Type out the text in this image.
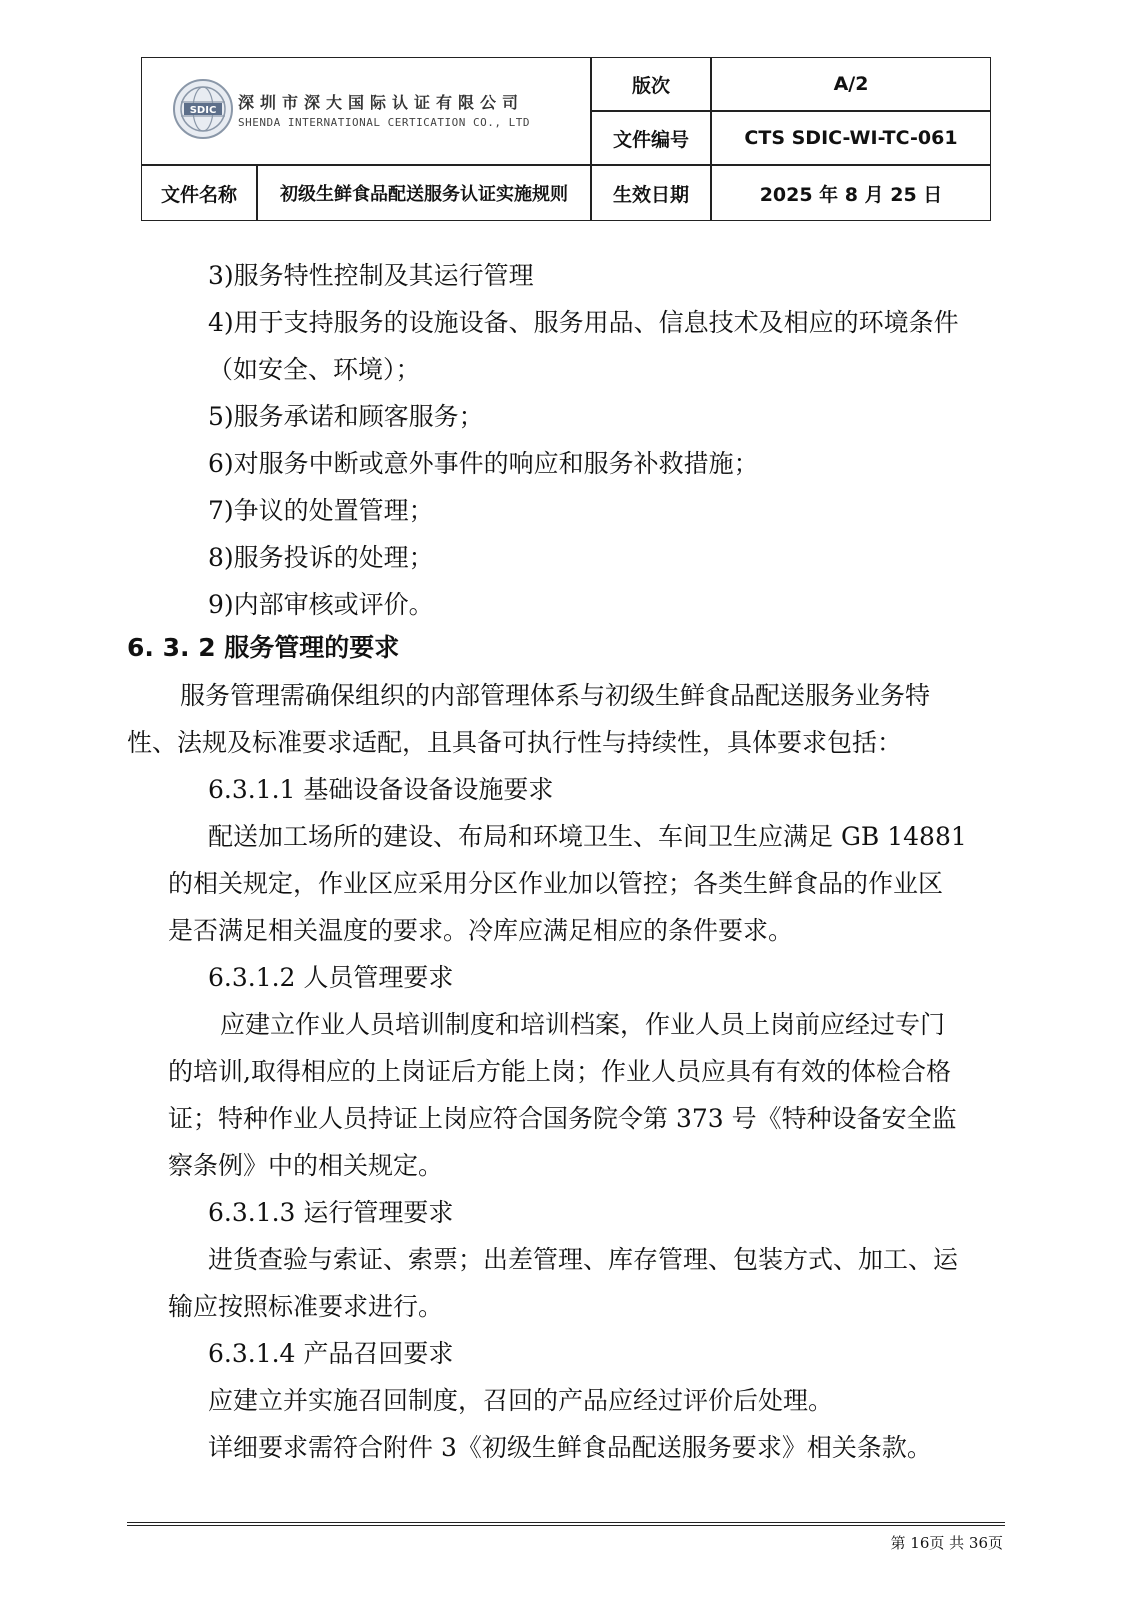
SDIC 深圳市深大国际认证有限公司
SHENDA INTERNATIONAL CERTICATION CO., LTD
版次	A/2
文件编号	CTS SDIC-WI-TC-061
文件名称	初级生鲜食品配送服务认证实施规则	生效日期	2025 年 8 月 25 日
3)服务特性控制及其运行管理
4)用于支持服务的设施设备、服务用品、信息技术及相应的环境条件
（如安全、环境）；
5)服务承诺和顾客服务；
6)对服务中断或意外事件的响应和服务补救措施；
7)争议的处置管理；
8)服务投诉的处理；
9)内部审核或评价。
6. 3. 2 服务管理的要求
服务管理需确保组织的内部管理体系与初级生鲜食品配送服务业务特
性、法规及标准要求适配，且具备可执行性与持续性，具体要求包括：
6.3.1.1 基础设备设备设施要求
配送加工场所的建设、布局和环境卫生、车间卫生应满足 GB 14881
的相关规定，作业区应采用分区作业加以管控；各类生鲜食品的作业区
是否满足相关温度的要求。冷库应满足相应的条件要求。
6.3.1.2 人员管理要求
应建立作业人员培训制度和培训档案，作业人员上岗前应经过专门
的培训,取得相应的上岗证后方能上岗；作业人员应具有有效的体检合格
证；特种作业人员持证上岗应符合国务院令第 373 号《特种设备安全监
察条例》中的相关规定。
6.3.1.3 运行管理要求
进货查验与索证、索票；出差管理、库存管理、包装方式、加工、运
输应按照标准要求进行。
6.3.1.4 产品召回要求
应建立并实施召回制度，召回的产品应经过评价后处理。
详细要求需符合附件 3《初级生鲜食品配送服务要求》相关条款。
第 16页 共 36页
